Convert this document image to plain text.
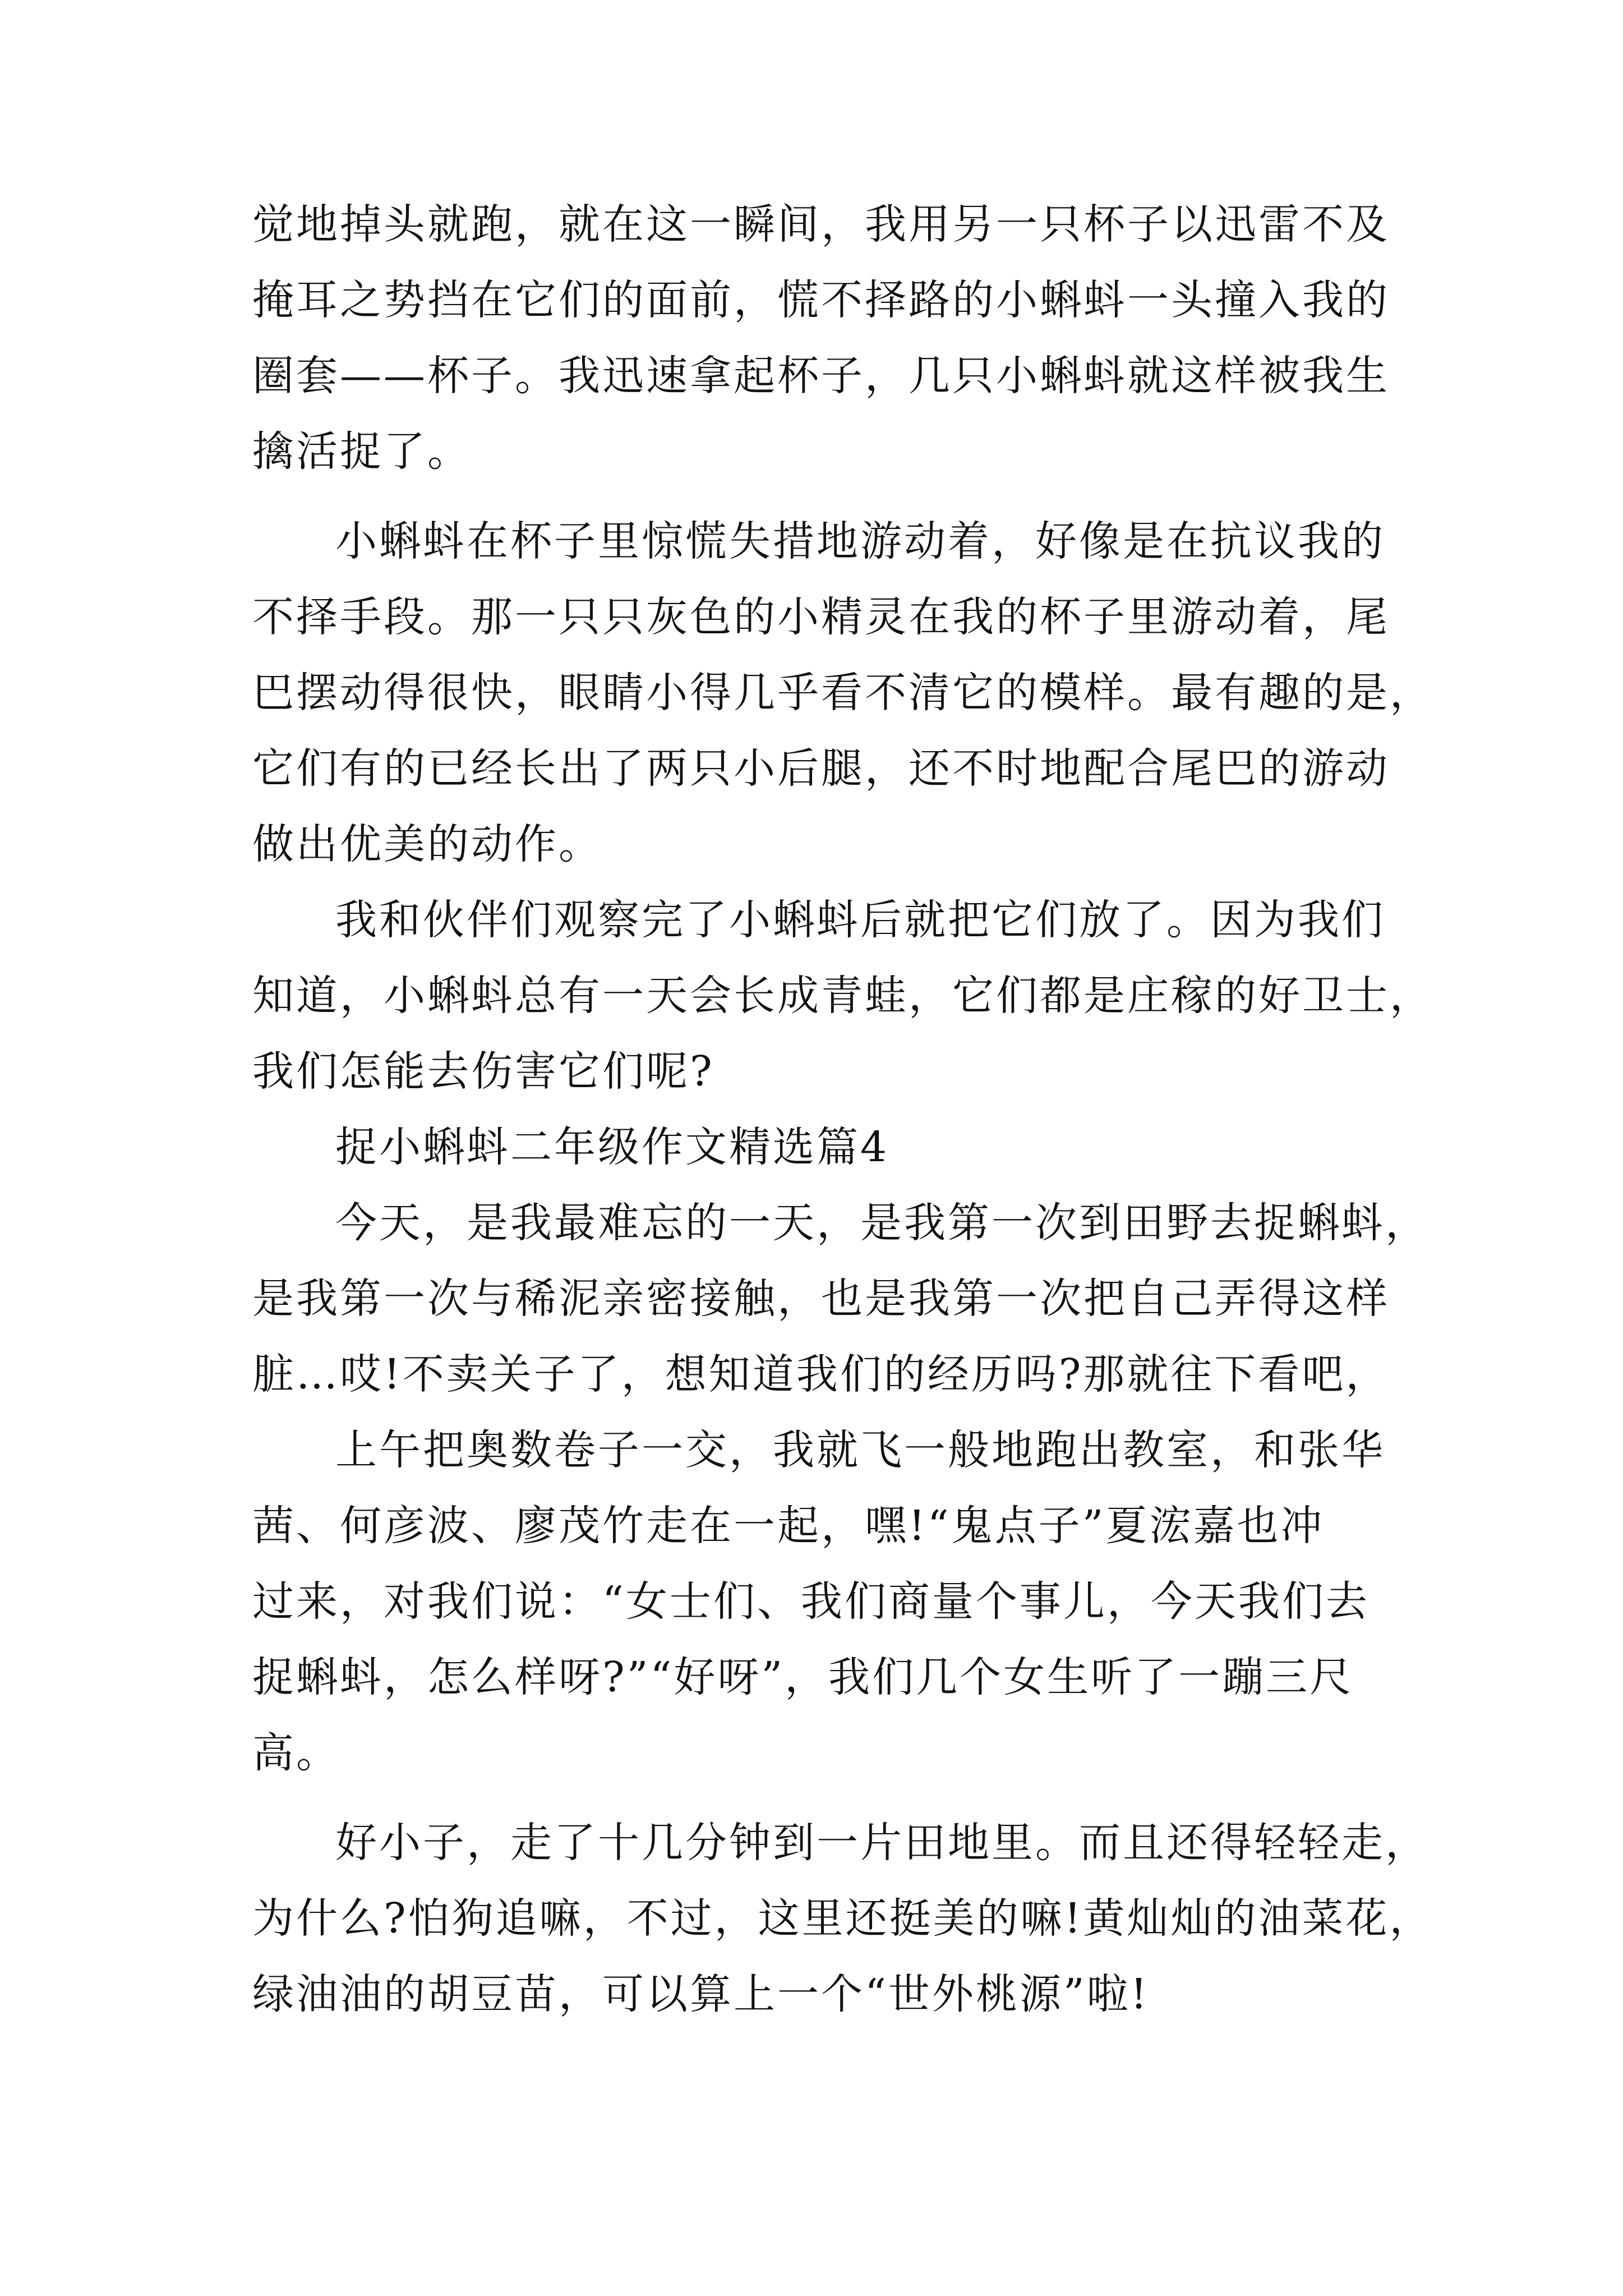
觉地掉头就跑，就在这一瞬间，我用另一只杯子以迅雷不及
掩耳之势挡在它们的面前，慌不择路的小蝌蚪一头撞入我的
圈套——杯子。我迅速拿起杯子，几只小蝌蚪就这样被我生
擒活捉了。
小蝌蚪在杯子里惊慌失措地游动着，好像是在抗议我的
不择手段。那一只只灰色的小精灵在我的杯子里游动着，尾
巴摆动得很快，眼睛小得几乎看不清它的模样。最有趣的是，
它们有的已经长出了两只小后腿，还不时地配合尾巴的游动
做出优美的动作。
我和伙伴们观察完了小蝌蚪后就把它们放了。因为我们
知道，小蝌蚪总有一天会长成青蛙，它们都是庄稼的好卫士，
我们怎能去伤害它们呢?
捉小蝌蚪二年级作文精选篇4
今天，是我最难忘的一天，是我第一次到田野去捉蝌蚪，
是我第一次与稀泥亲密接触，也是我第一次把自己弄得这样
脏…哎!不卖关子了，想知道我们的经历吗?那就往下看吧，
上午把奥数卷子一交，我就飞一般地跑出教室，和张华
茜、何彦波、廖茂竹走在一起，嘿!“鬼点子”夏浤嘉也冲
过来，对我们说：“女士们、我们商量个事儿，今天我们去
捉蝌蚪，怎么样呀?”“好呀”，我们几个女生听了一蹦三尺
高。
好小子，走了十几分钟到一片田地里。而且还得轻轻走，
为什么?怕狗追嘛，不过，这里还挺美的嘛!黄灿灿的油菜花，
绿油油的胡豆苗，可以算上一个“世外桃源”啦!
